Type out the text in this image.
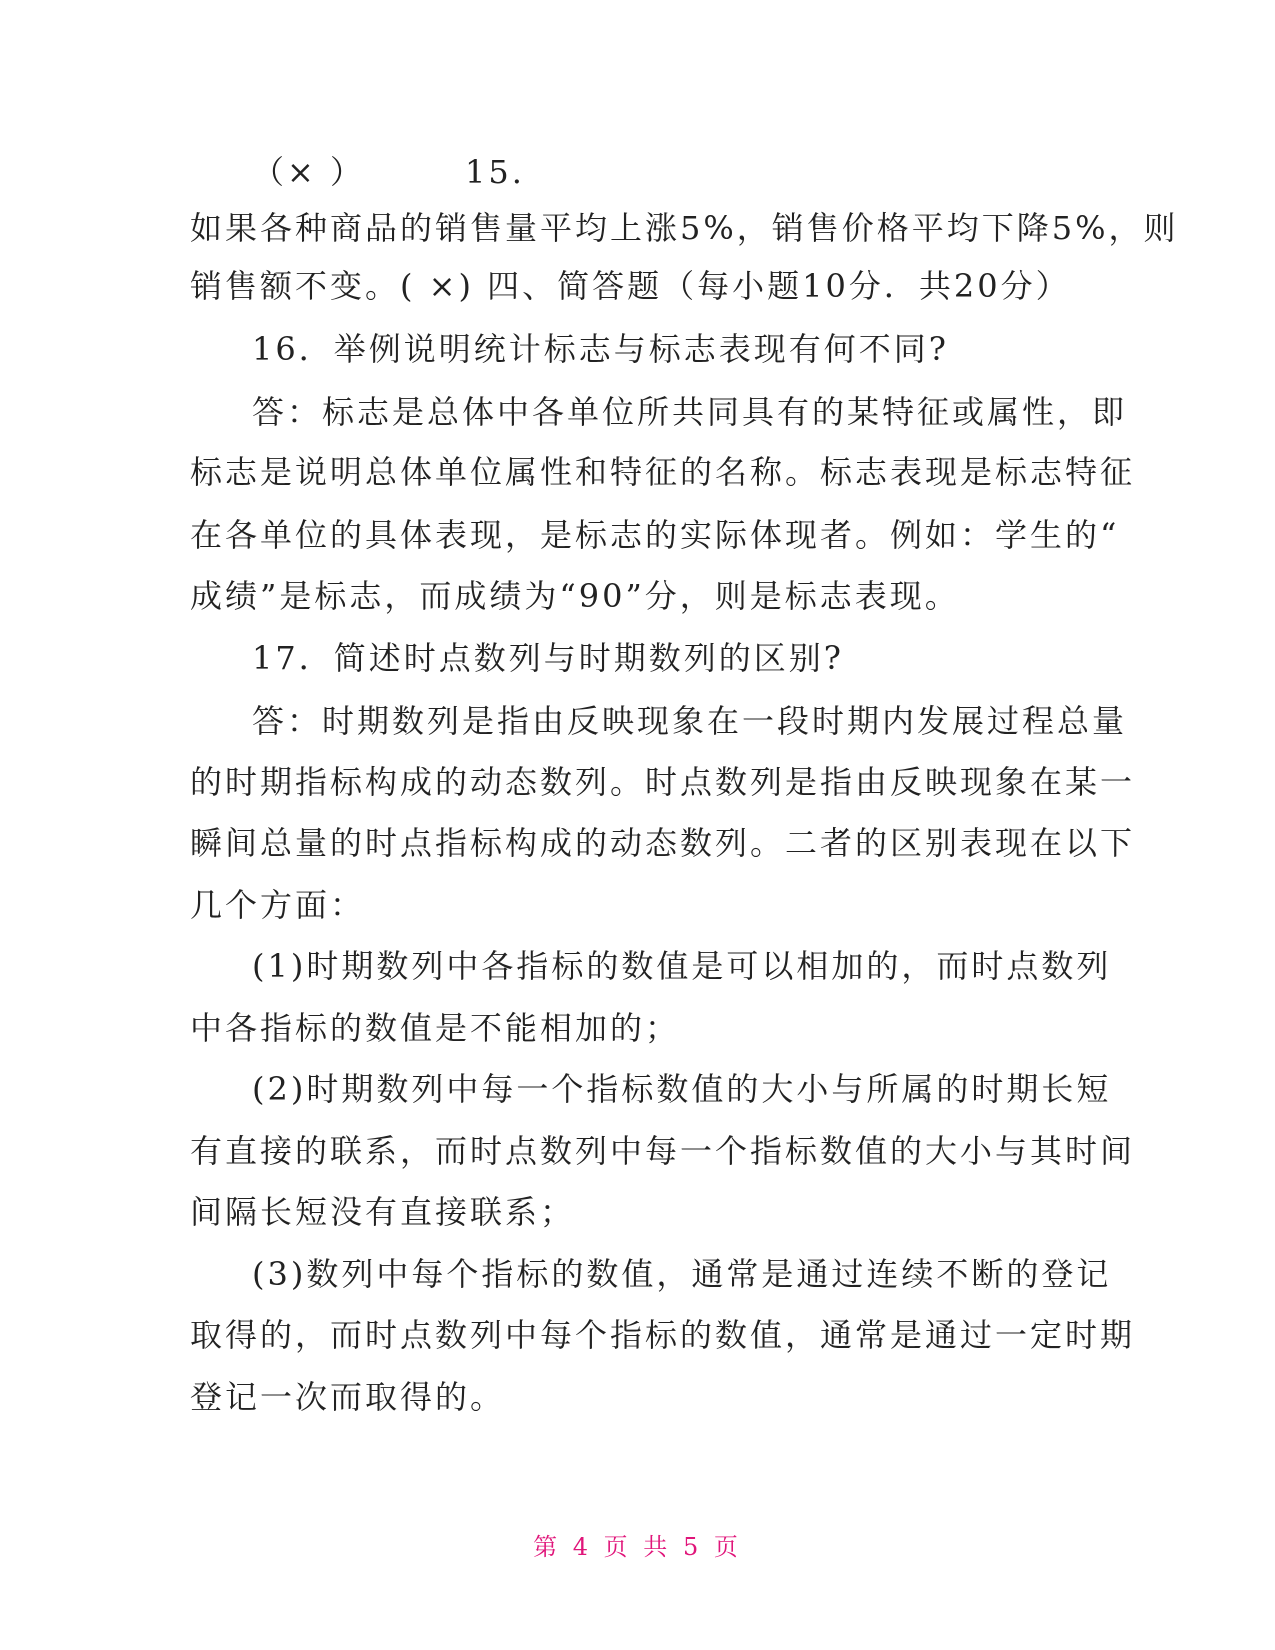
（× ）	15.
如果各种商品的销售量平均上涨5%，销售价格平均下降5%，则
销售额不变。( ×) 四、简答题（每小题10分．共20分）
16．举例说明统计标志与标志表现有何不同?
答：标志是总体中各单位所共同具有的某特征或属性，即
标志是说明总体单位属性和特征的名称。标志表现是标志特征
在各单位的具体表现，是标志的实际体现者。例如：学生的“
成绩”是标志，而成绩为“90”分，则是标志表现。
17．简述时点数列与时期数列的区别?
答：时期数列是指由反映现象在一段时期内发展过程总量
的时期指标构成的动态数列。时点数列是指由反映现象在某一
瞬间总量的时点指标构成的动态数列。二者的区别表现在以下
几个方面：
(1)时期数列中各指标的数值是可以相加的，而时点数列
中各指标的数值是不能相加的；
(2)时期数列中每一个指标数值的大小与所属的时期长短
有直接的联系，而时点数列中每一个指标数值的大小与其时间
间隔长短没有直接联系；
(3)数列中每个指标的数值，通常是通过连续不断的登记
取得的，而时点数列中每个指标的数值，通常是通过一定时期
登记一次而取得的。
第 4 页 共 5 页
